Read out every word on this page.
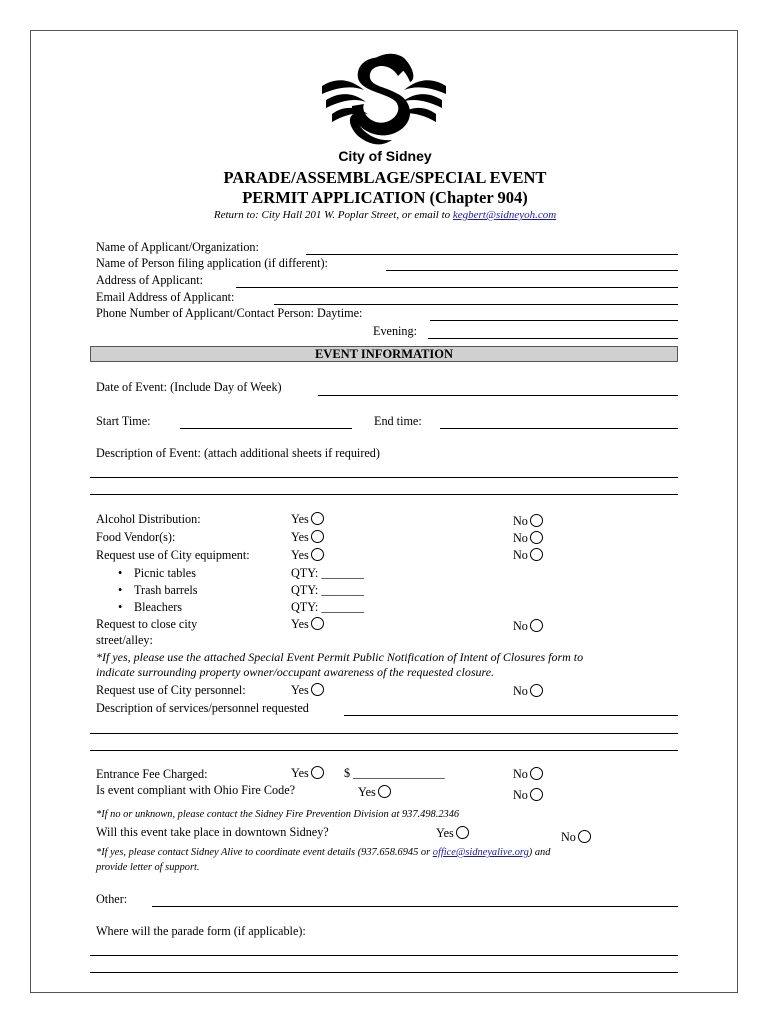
City of Sidney
PARADE/ASSEMBLAGE/SPECIAL EVENT
PERMIT APPLICATION (Chapter 904)
Return to: City Hall 201 W. Poplar Street, or email to kegbert@sidneyoh.com
Name of Applicant/Organization:
Name of Person filing application (if different):
Address of Applicant:
Email Address of Applicant:
Phone Number of Applicant/Contact Person: Daytime:
Evening:
EVENT INFORMATION
Date of Event: (Include Day of Week)
Start Time:	End time:
Description of Event: (attach additional sheets if required)
Alcohol Distribution:	Yes	No
Food Vendor(s):	Yes	No
Request use of City equipment:	Yes	No
• Picnic tables	QTY: _______
• Trash barrels	QTY: _______
• Bleachers	QTY: _______
Request to close city
street/alley:
Yes	No
*If yes, please use the attached Special Event Permit Public Notification of Intent of Closures form to
indicate surrounding property owner/occupant awareness of the requested closure.
Request use of City personnel:	Yes	No
Description of services/personnel requested
Entrance Fee Charged:	Yes	$ _______________	No
Is event compliant with Ohio Fire Code?	Yes	No
*If no or unknown, please contact the Sidney Fire Prevention Division at 937.498.2346
Will this event take place in downtown Sidney?	Yes	No
*If yes, please contact Sidney Alive to coordinate event details (937.658.6945 or office@sidneyalive.org) and
provide letter of support.
Other:
Where will the parade form (if applicable):
